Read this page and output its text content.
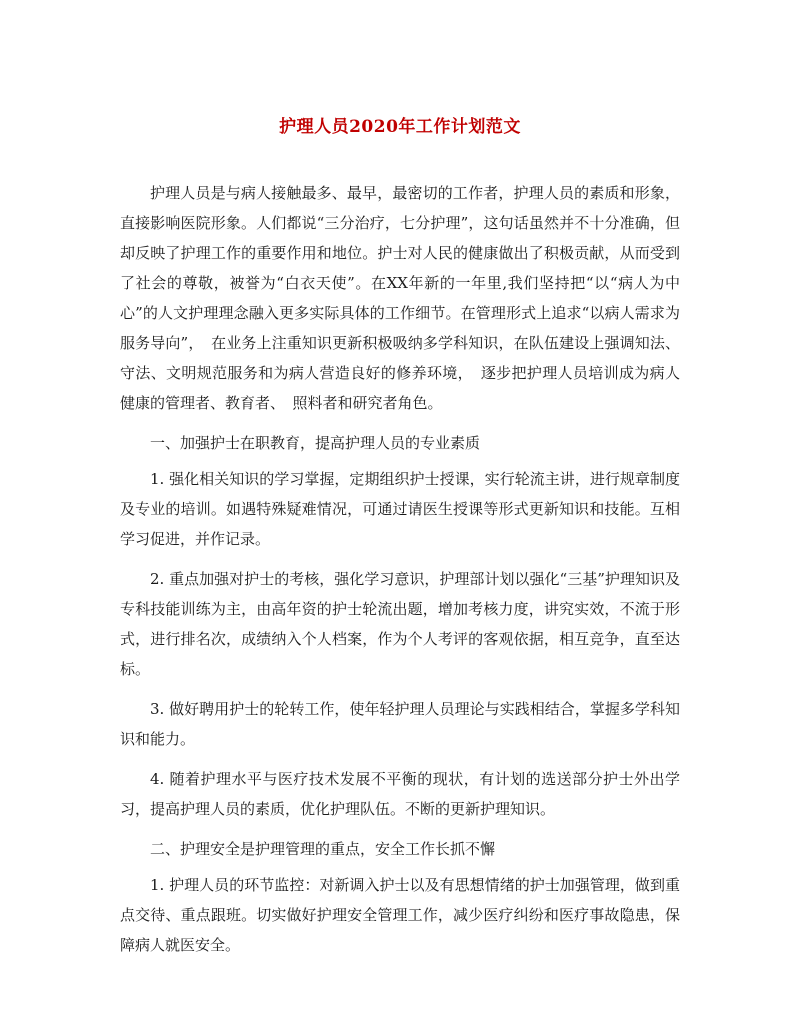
护理人员2020年工作计划范文

护理人员是与病人接触最多、最早，最密切的工作者，护理人员的素质和形象，直接影响医院形象。人们都说“三分治疗，七分护理”，这句话虽然并不十分准确，但却反映了护理工作的重要作用和地位。护士对人民的健康做出了积极贡献，从而受到了社会的尊敬，被誉为“白衣天使”。在XX年新的一年里,我们坚持把“以“病人为中心”的人文护理理念融入更多实际具体的工作细节。在管理形式上追求“以病人需求为服务导向”，　在业务上注重知识更新积极吸纳多学科知识，在队伍建设上强调知法、守法、文明规范服务和为病人营造良好的修养环境，　逐步把护理人员培训成为病人健康的管理者、教育者、　照料者和研究者角色。

一、加强护士在职教育，提高护理人员的专业素质

1. 强化相关知识的学习掌握，定期组织护士授课，实行轮流主讲，进行规章制度及专业的培训。如遇特殊疑难情况，可通过请医生授课等形式更新知识和技能。互相学习促进，并作记录。

2. 重点加强对护士的考核，强化学习意识，护理部计划以强化“三基”护理知识及专科技能训练为主，由高年资的护士轮流出题，增加考核力度，讲究实效，不流于形式，进行排名次，成绩纳入个人档案，作为个人考评的客观依据，相互竞争，直至达标。

3. 做好聘用护士的轮转工作，使年轻护理人员理论与实践相结合，掌握多学科知识和能力。

4. 随着护理水平与医疗技术发展不平衡的现状，有计划的选送部分护士外出学习，提高护理人员的素质，优化护理队伍。不断的更新护理知识。

二、护理安全是护理管理的重点，安全工作长抓不懈

1. 护理人员的环节监控：对新调入护士以及有思想情绪的护士加强管理，做到重点交待、重点跟班。切实做好护理安全管理工作，减少医疗纠纷和医疗事故隐患，保障病人就医安全。
